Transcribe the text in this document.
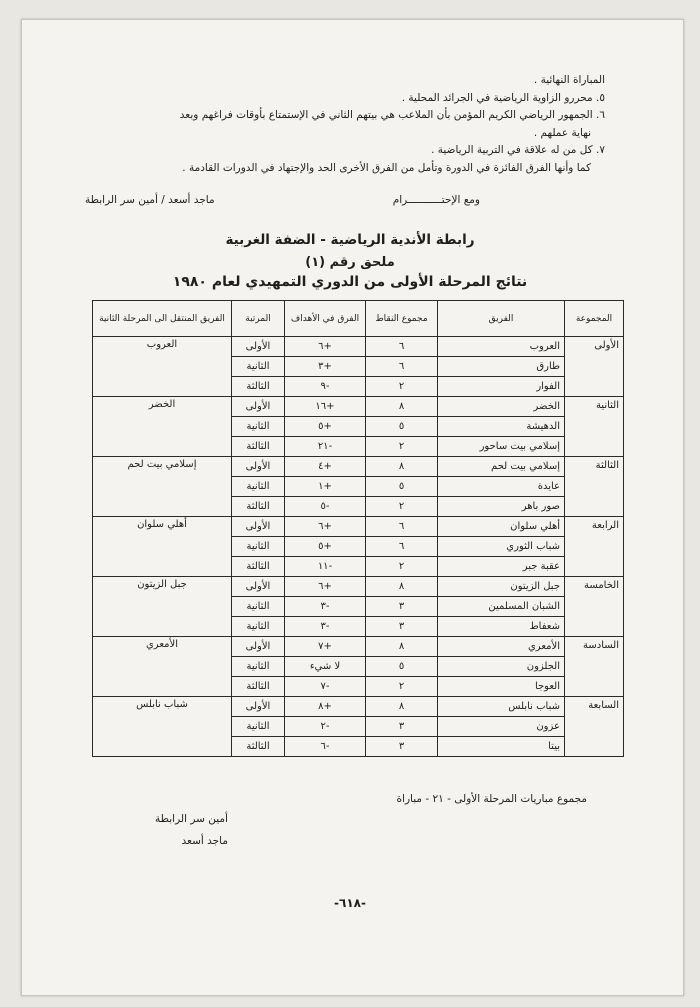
المباراة النهائية .

٥. محررو الزاوية الرياضية في الجرائد المحلية .

٦. الجمهور الرياضي الكريم المؤمن بأن الملاعب هي بيتهم الثاني في الإستمتاع بأوقات فراغهم وبعد

نهاية عملهم .

٧. كل من له علاقة في التربية الرياضية .

كما وأنها الفرق الفائزة في الدورة وتأمل من الفرق الأخرى الحد والإجتهاد في الدورات القادمة .

ومع الإحتـــــــــــرام
ماجد أسعد / أمين سر الرابطة
رابطة الأندية الرياضية - الضفة الغربية
ملحق رقم (١)
نتائج المرحلة الأولى من الدوري التمهيدي لعام ١٩٨٠
المجموعة	الفريق	مجموع النقاط	الفرق في الأهداف	المرتبة	الفريق المنتقل الى المرحلة الثانية
الأولى	العروب	٦	+٦	الأولى	العروب
	طارق	٦	+٣	الثانية	
	الفوار	٢	-٩	الثالثة	
الثانية	الخضر	٨	+١٦	الأولى	الخضر
	الدهيشة	٥	+٥	الثانية	
	إسلامي بيت ساحور	٢	-٢١	الثالثة	
الثالثة	إسلامي بيت لحم	٨	+٤	الأولى	إسلامي بيت لحم
	عايدة	٥	+١	الثانية	
	صور باهر	٢	-٥	الثالثة	
الرابعة	أهلي سلوان	٦	+٦	الأولى	أهلي سلوان
	شباب الثوري	٦	+٥	الثانية	
	عقبة جبر	٢	-١١	الثالثة	
الخامسة	جبل الزيتون	٨	+٦	الأولى	جبل الزيتون
	الشبان المسلمين	٣	-٣	الثانية	
	شعفاط	٣	-٣	الثانية	
السادسة	الأمعري	٨	+٧	الأولى	الأمعري
	الجلزون	٥	لا شيء	الثانية	
	العوجا	٢	-٧	الثالثة	
السابعة	شباب نابلس	٨	+٨	الأولى	شباب نابلس
	عزون	٣	-٢	الثانية	
	بيتا	٣	-٦	الثالثة	
مجموع مباريات المرحلة الأولى - ٢١ - مباراة
أمين سر الرابطة
ماجد أسعد
-٦١٨-
